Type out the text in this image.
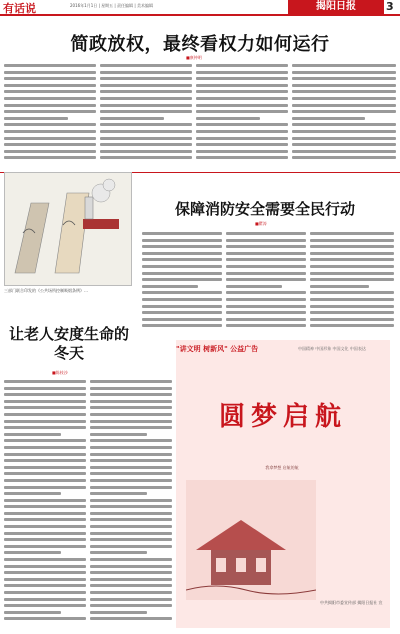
有话说	2016年1月1日 | 星期五 | 责任编辑 | 美术编辑	揭阳日报	3
简政放权，最终看权力如何运行
■康仲明
三部门联合印发的《公共场所控制吸烟条例》…
保障消防安全需要全民行动
■瞿涛
让老人安度生命的冬天
■陈枝沙
"讲文明 树新风" 公益广告	中国精神 中国形象 中国文化 中国表达
圆梦启航
我拿梦想 启航的航
中共揭阳市委宣传部 揭阳日报社 宣
